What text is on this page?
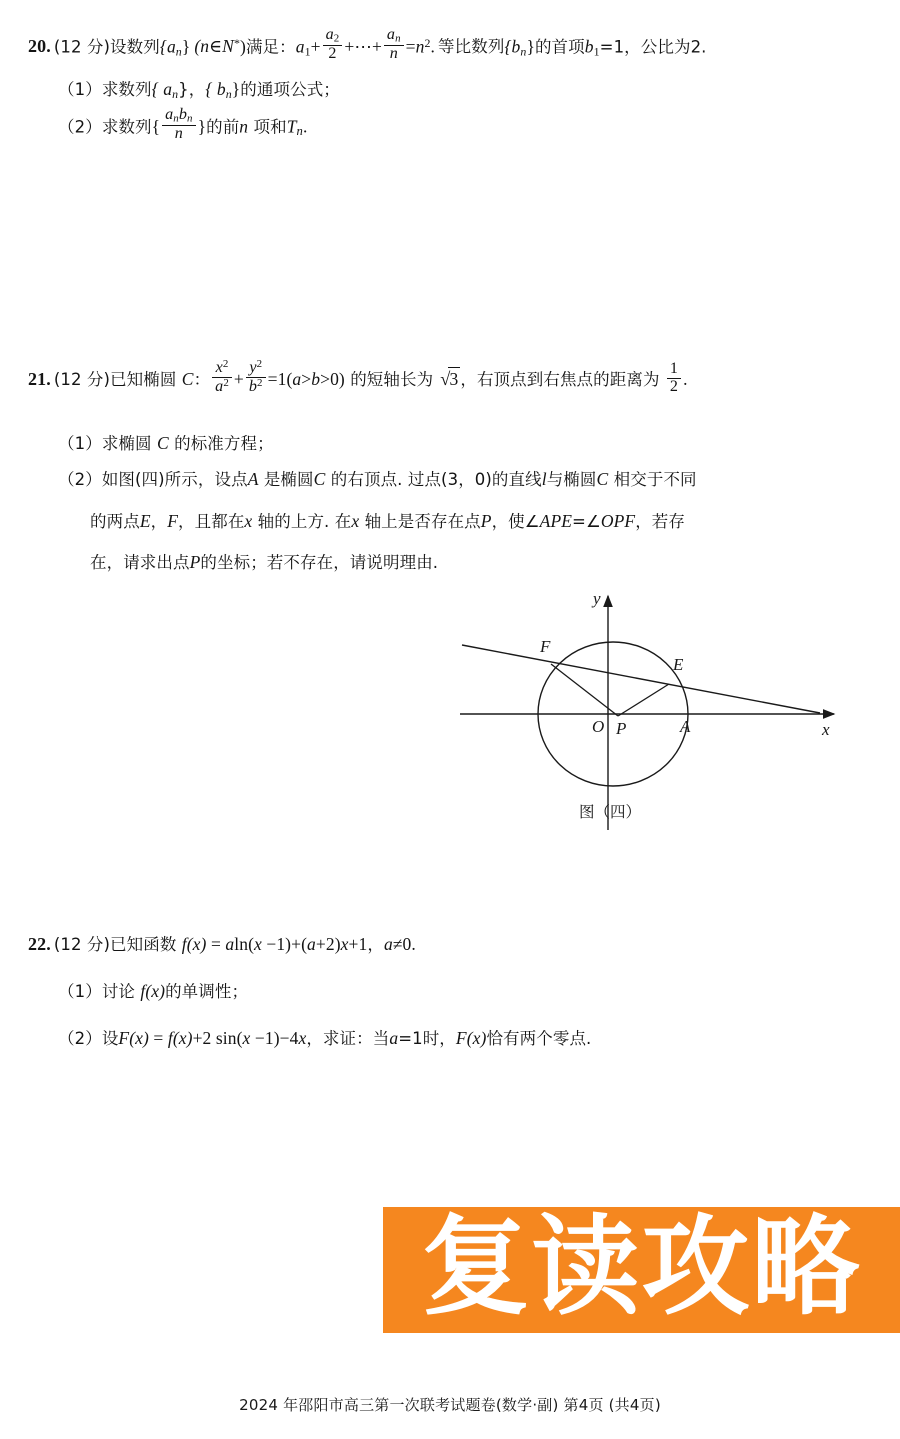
20. (12 分)设数列$\{a_n\}$ (n∈N*)满足：$a_1+ \frac{a_2}{2}$ +⋯+ $\frac{a_n}{n} =n^2$. 等比数列$\{b_n\}$的首项$b_1=1$，公比为2.
（1）求数列{ $a_n$}，{ $b_n$}的通项公式；
（2）求数列{ $\frac{a_nb_n}{n}$ }的前n 项和Tn.
21. (12 分)已知椭圆 C： $\frac{x^2}{a^2} + \frac{y^2}{b^2} =1(a>b>0)$ 的短轴长为 √3 ，右顶点到右焦点的距离为 $\frac{1}{2}$ .
（1）求椭圆 C 的标准方程；
（2）如图(四)所示，设点A 是椭圆C 的右顶点. 过点(3，0)的直线l与椭圆C 相交于不同
的两点E，F，且都在x 轴的上方. 在x 轴上是否存在点P，使∠APE=∠OPF，若存
在，请求出点P的坐标；若不存在，请说明理由.
F
E
O P	A	x
y
图（四）
22. (12 分)已知函数 f(x) = aln(x −1)+(a+2)x+1，a≠0.
（1）讨论 f(x)的单调性；
（2）设F(x) = f(x)+2 sin(x −1)−4x，求证：当a=1时，F(x)恰有两个零点.
复读攻略
2024 年邵阳市高三第一次联考试题卷(数学·副) 第4页 (共4页)
